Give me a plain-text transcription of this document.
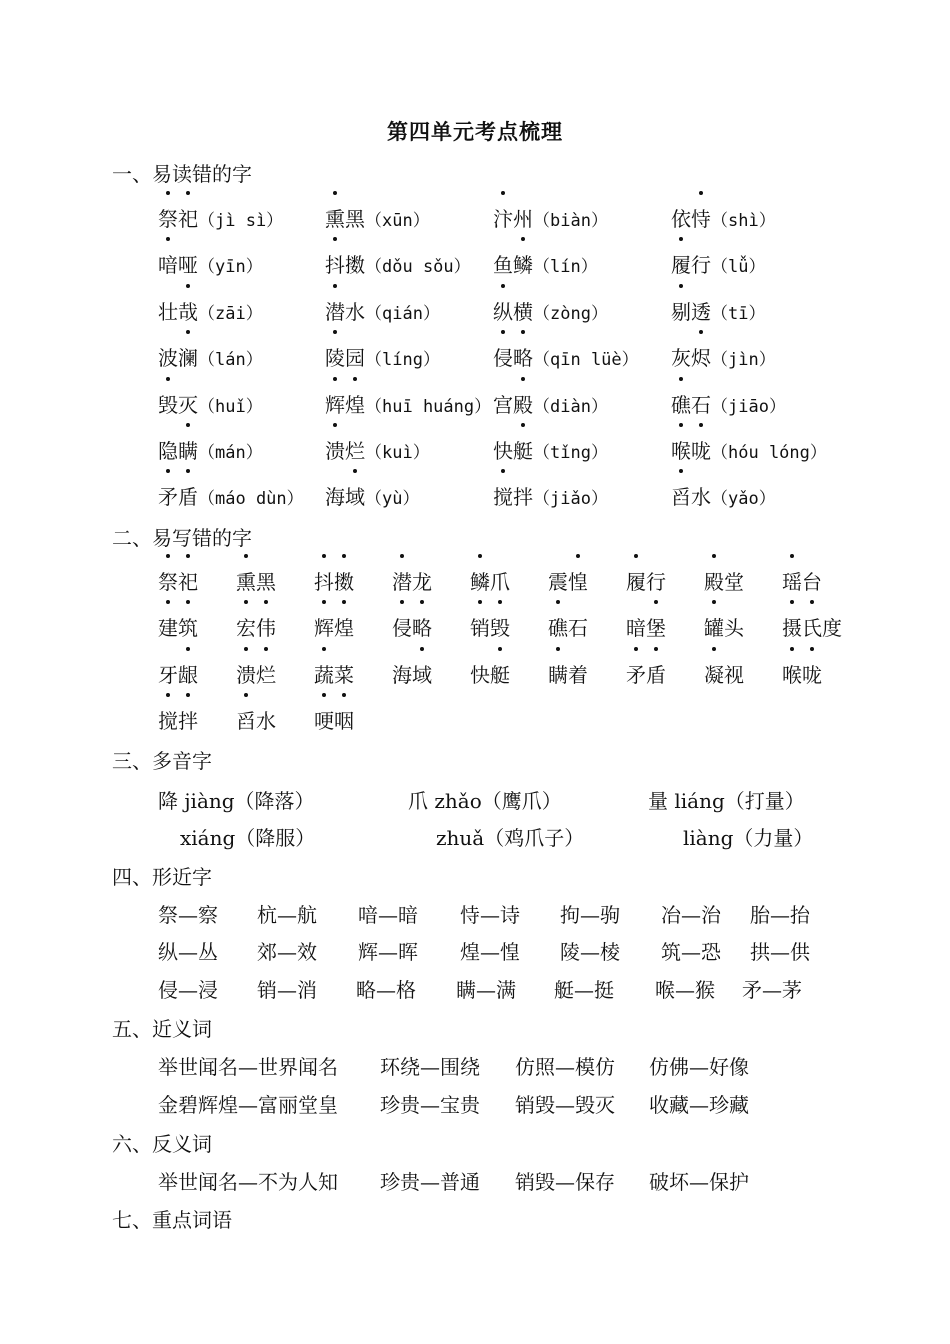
第四单元考点梳理
一、易读错的字
祭祀（jì sì） 熏黑（xūn）	汴州（biàn）	依恃（shì）
喑哑（yīn）	抖擞（dǒu sǒu） 鱼鳞（lín）	履行（lǚ）
壮哉（zāi）	潜水（qián）	纵横（zòng）	剔透（tī）
波澜（lán）	陵园（líng）	侵略（qīn lüè） 灰烬（jìn）
毁灭（huǐ）	辉煌（huī huáng） 宫殿（diàn）	礁石（jiāo）
隐瞒（mán）	溃烂（kuì）	快艇（tǐng）	喉咙（hóu lóng）
矛盾（máo dùn） 海域（yù）	搅拌（jiǎo）	舀水（yǎo）
二、易写错的字
祭祀 熏黑 抖擞 潜龙 鳞爪 震惶 履行 殿堂 瑶台
建筑 宏伟 辉煌 侵略 销毁 礁石 暗堡 罐头 摄氏度
牙龈 溃烂 蔬菜 海域 快艇 瞒着 矛盾 凝视 喉咙
搅拌 舀水 哽咽
三、多音字
降 jiàng（降落）	爪 zhǎo（鹰爪）	量 liáng（打量）
xiáng（降服）	zhuǎ（鸡爪子）	liàng（力量）
四、形近字
祭—察 杭—航 喑—暗 恃—诗 拘—驹 冶—治 胎—抬
纵—丛 郊—效 辉—晖 煌—惶 陵—棱 筑—恐 拱—供
侵—浸 销—消 略—格 瞒—满 艇—挺 喉—猴 矛—茅
五、近义词
举世闻名—世界闻名 环绕—围绕 仿照—模仿 仿佛—好像
金碧辉煌—富丽堂皇 珍贵—宝贵 销毁—毁灭 收藏—珍藏
六、反义词
举世闻名—不为人知 珍贵—普通 销毁—保存 破坏—保护
七、重点词语
